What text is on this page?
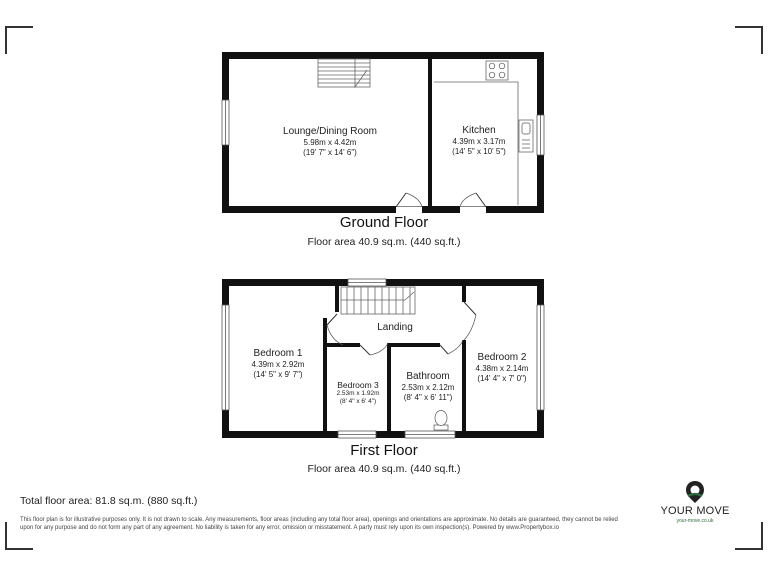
Lounge/Dining Room
5.98m x 4.42m
(19' 7" x 14' 6")
Kitchen
4.39m x 3.17m
(14' 5" x 10' 5")
Ground Floor
Floor area 40.9 sq.m. (440 sq.ft.)
Landing
Bedroom 1
4.39m x 2.92m
(14' 5" x 9' 7")
Bedroom 3
2.53m x 1.92m
(8' 4" x 6' 4")
Bathroom
2.53m x 2.12m
(8' 4" x 6' 11")
Bedroom 2
4.38m x 2.14m
(14' 4" x 7' 0")
First Floor
Floor area 40.9 sq.m. (440 sq.ft.)
Total floor area: 81.8 sq.m. (880 sq.ft.)
This floor plan is for illustrative purposes only. It is not drawn to scale. Any measurements, floor areas (including any total floor area), openings and orientations are approximate. No details are guaranteed, they cannot be relied upon for any purpose and do not form any part of any agreement. No liability is taken for any error, omission or misstatement. A party must rely upon its own inspection(s). Powered by www.Propertybox.io
YOUR MOVE
your-move.co.uk
